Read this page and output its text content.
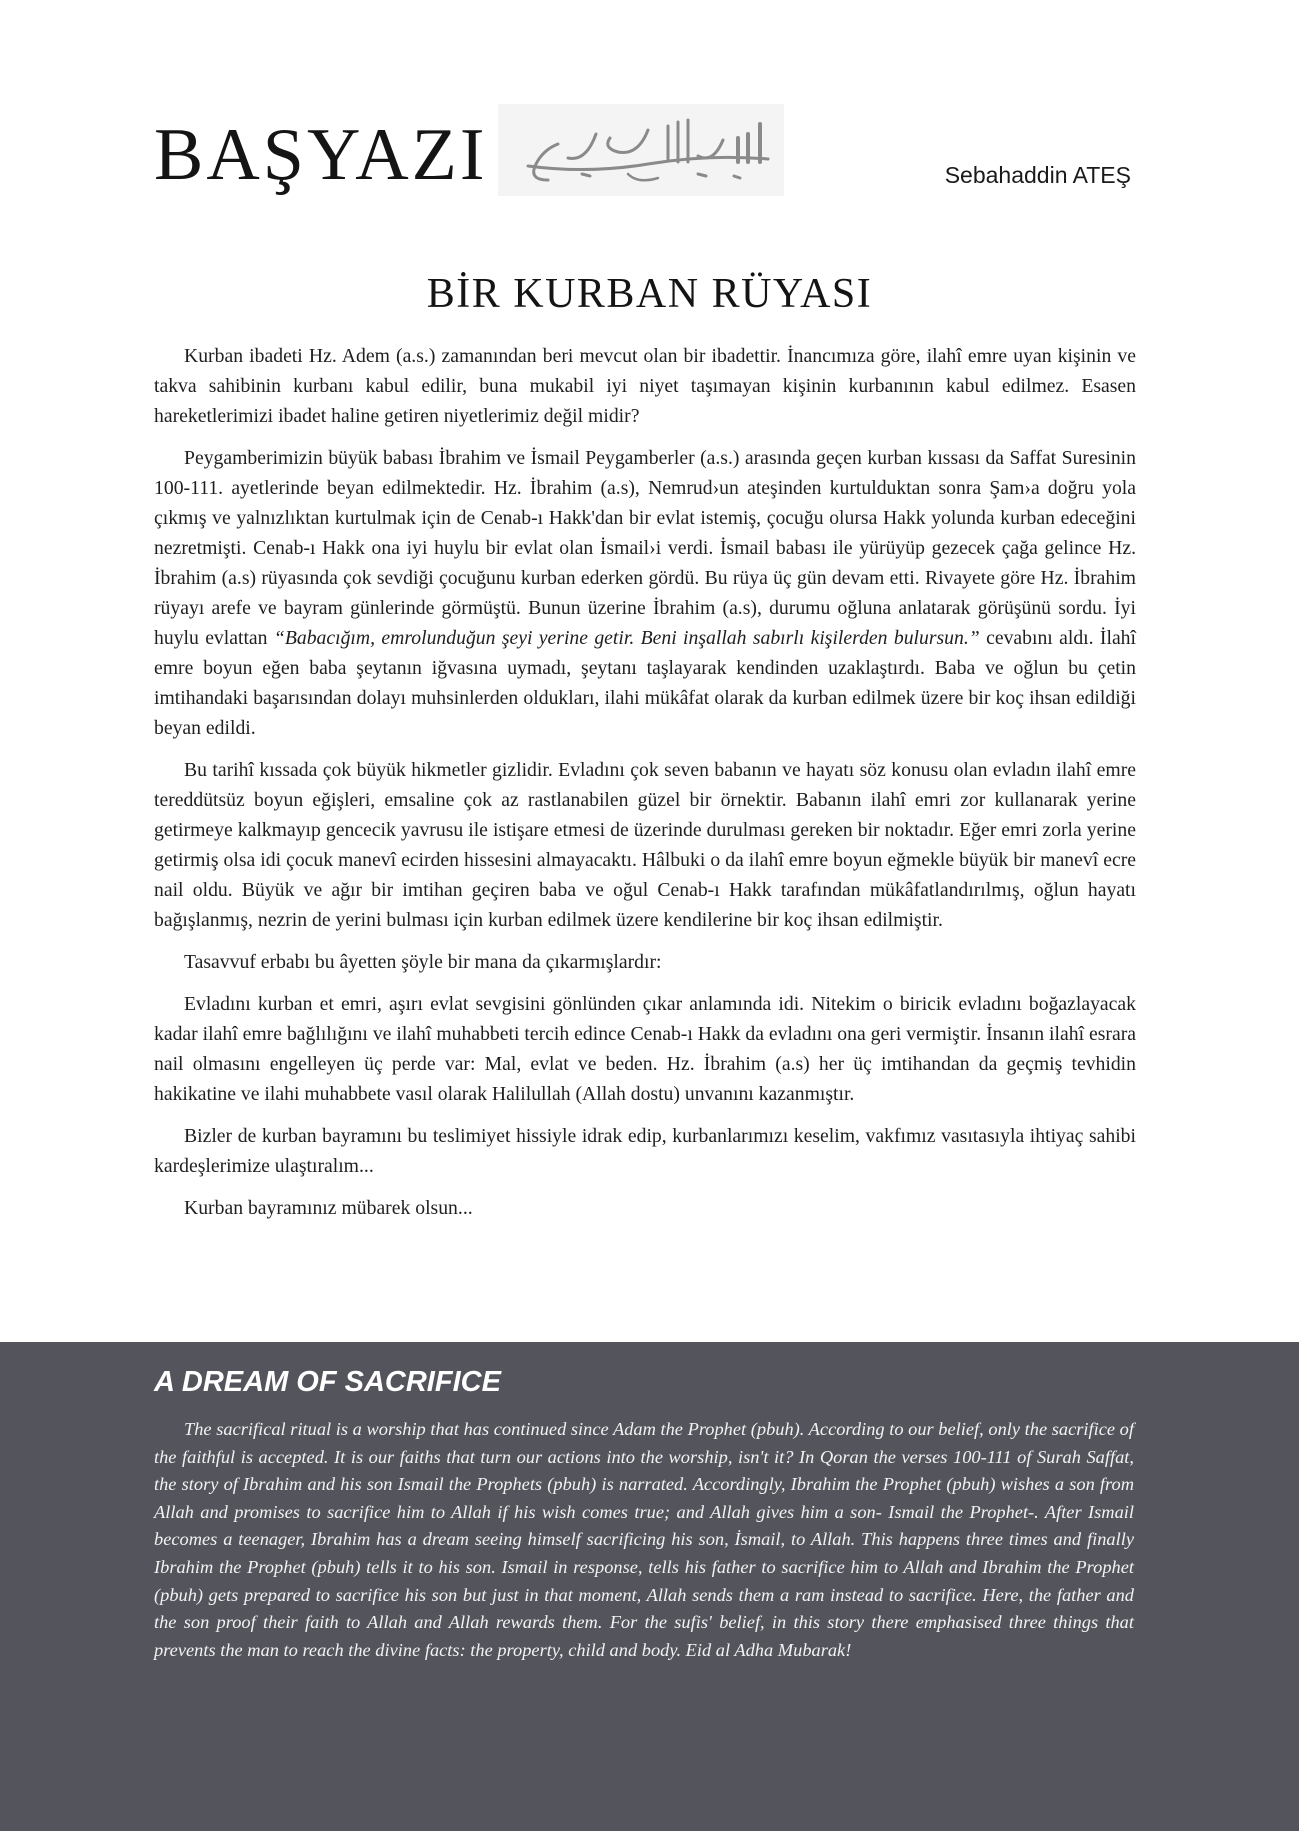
BAŞYAZI	Sebahaddin ATEŞ
BİR KURBAN RÜYASI

Kurban ibadeti Hz. Adem (a.s.) zamanından beri mevcut olan bir ibadettir. İnancımıza göre, ilahî emre uyan kişinin ve takva sahibinin kurbanı kabul edilir, buna mukabil iyi niyet taşımayan kişinin kurbanının kabul edilmez. Esasen hareketlerimizi ibadet haline getiren niyetlerimiz değil midir?

Peygamberimizin büyük babası İbrahim ve İsmail Peygamberler (a.s.) arasında geçen kurban kıssası da Saffat Suresinin 100-111. ayetlerinde beyan edilmektedir. Hz. İbrahim (a.s), Nemrud›un ateşinden kurtulduktan sonra Şam›a doğru yola çıkmış ve yalnızlıktan kurtulmak için de Cenab-ı Hakk'dan bir evlat istemiş, çocuğu olursa Hakk yolunda kurban edeceğini nezretmişti. Cenab-ı Hakk ona iyi huylu bir evlat olan İsmail›i verdi. İsmail babası ile yürüyüp gezecek çağa gelince Hz. İbrahim (a.s) rüyasında çok sevdiği çocuğunu kurban ederken gördü. Bu rüya üç gün devam etti. Rivayete göre Hz. İbrahim rüyayı arefe ve bayram günlerinde görmüştü. Bunun üzerine İbrahim (a.s), durumu oğluna anlatarak görüşünü sordu. İyi huylu evlattan “Babacığım, emrolunduğun şeyi yerine getir. Beni inşallah sabırlı kişilerden bulursun.” cevabını aldı. İlahî emre boyun eğen baba şeytanın iğvasına uymadı, şeytanı taşlayarak kendinden uzaklaştırdı. Baba ve oğlun bu çetin imtihandaki başarısından dolayı muhsinlerden oldukları, ilahi mükâfat olarak da kurban edilmek üzere bir koç ihsan edildiği beyan edildi.

Bu tarihî kıssada çok büyük hikmetler gizlidir. Evladını çok seven babanın ve hayatı söz konusu olan evladın ilahî emre tereddütsüz boyun eğişleri, emsaline çok az rastlanabilen güzel bir örnektir. Babanın ilahî emri zor kullanarak yerine getirmeye kalkmayıp gencecik yavrusu ile istişare etmesi de üzerinde durulması gereken bir noktadır. Eğer emri zorla yerine getirmiş olsa idi çocuk manevî ecirden hissesini almayacaktı. Hâlbuki o da ilahî emre boyun eğmekle büyük bir manevî ecre nail oldu. Büyük ve ağır bir imtihan geçiren baba ve oğul Cenab-ı Hakk tarafından mükâfatlandırılmış, oğlun hayatı bağışlanmış, nezrin de yerini bulması için kurban edilmek üzere kendilerine bir koç ihsan edilmiştir.

Tasavvuf erbabı bu âyetten şöyle bir mana da çıkarmışlardır:

Evladını kurban et emri, aşırı evlat sevgisini gönlünden çıkar anlamında idi. Nitekim o biricik evladını boğazlayacak kadar ilahî emre bağlılığını ve ilahî muhabbeti tercih edince Cenab-ı Hakk da evladını ona geri vermiştir. İnsanın ilahî esrara nail olmasını engelleyen üç perde var: Mal, evlat ve beden. Hz. İbrahim (a.s) her üç imtihandan da geçmiş tevhidin hakikatine ve ilahi muhabbete vasıl olarak Halilullah (Allah dostu) unvanını kazanmıştır.

Bizler de kurban bayramını bu teslimiyet hissiyle idrak edip, kurbanlarımızı keselim, vakfımız vasıtasıyla ihtiyaç sahibi kardeşlerimize ulaştıralım...

Kurban bayramınız mübarek olsun...

A DREAM OF SACRIFICE

The sacrifical ritual is a worship that has continued since Adam the Prophet (pbuh). According to our belief, only the sacrifice of the faithful is accepted. It is our faiths that turn our actions into the worship, isn't it? In Qoran the verses 100-111 of Surah Saffat, the story of Ibrahim and his son Ismail the Prophets (pbuh) is narrated. Accordingly, Ibrahim the Prophet (pbuh) wishes a son from Allah and promises to sacrifice him to Allah if his wish comes true; and Allah gives him a son- Ismail the Prophet-. After Ismail becomes a teenager, Ibrahim has a dream seeing himself sacrificing his son, İsmail, to Allah. This happens three times and finally Ibrahim the Prophet (pbuh) tells it to his son. Ismail in response, tells his father to sacrifice him to Allah and Ibrahim the Prophet (pbuh) gets prepared to sacrifice his son but just in that moment, Allah sends them a ram instead to sacrifice. Here, the father and the son proof their faith to Allah and Allah rewards them. For the sufis' belief, in this story there emphasised three things that prevents the man to reach the divine facts: the property, child and body. Eid al Adha Mubarak!
